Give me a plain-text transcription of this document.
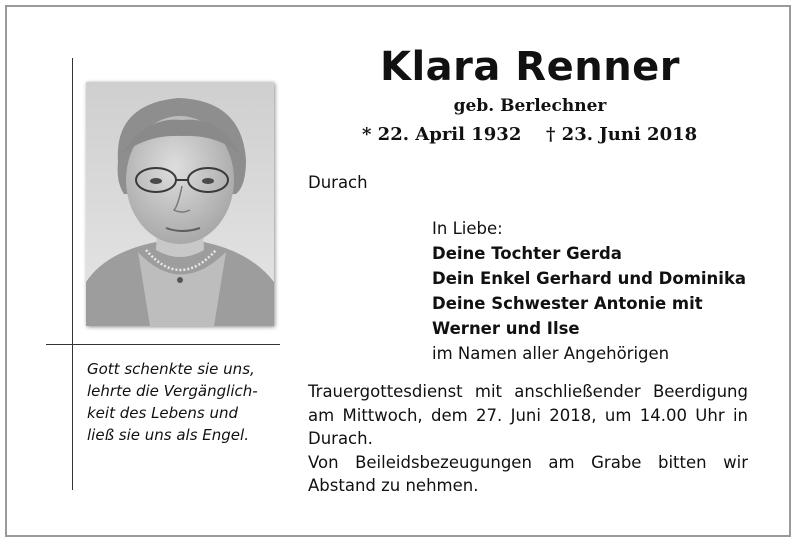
Gott schenkte sie uns,
lehrte die Vergänglich-
keit des Lebens und
ließ sie uns als Engel.
Klara Renner
geb. Berlechner
* 22. April 1932 † 23. Juni 2018
Durach
In Liebe:
Deine Tochter Gerda
Dein Enkel Gerhard und Dominika
Deine Schwester Antonie mit
Werner und Ilse
im Namen aller Angehörigen
Trauergottesdienst mit anschließender Beerdigung
am Mittwoch, dem 27. Juni 2018, um 14.00 Uhr in
Durach.
Von Beileidsbezeugungen am Grabe bitten wir
Abstand zu nehmen.
